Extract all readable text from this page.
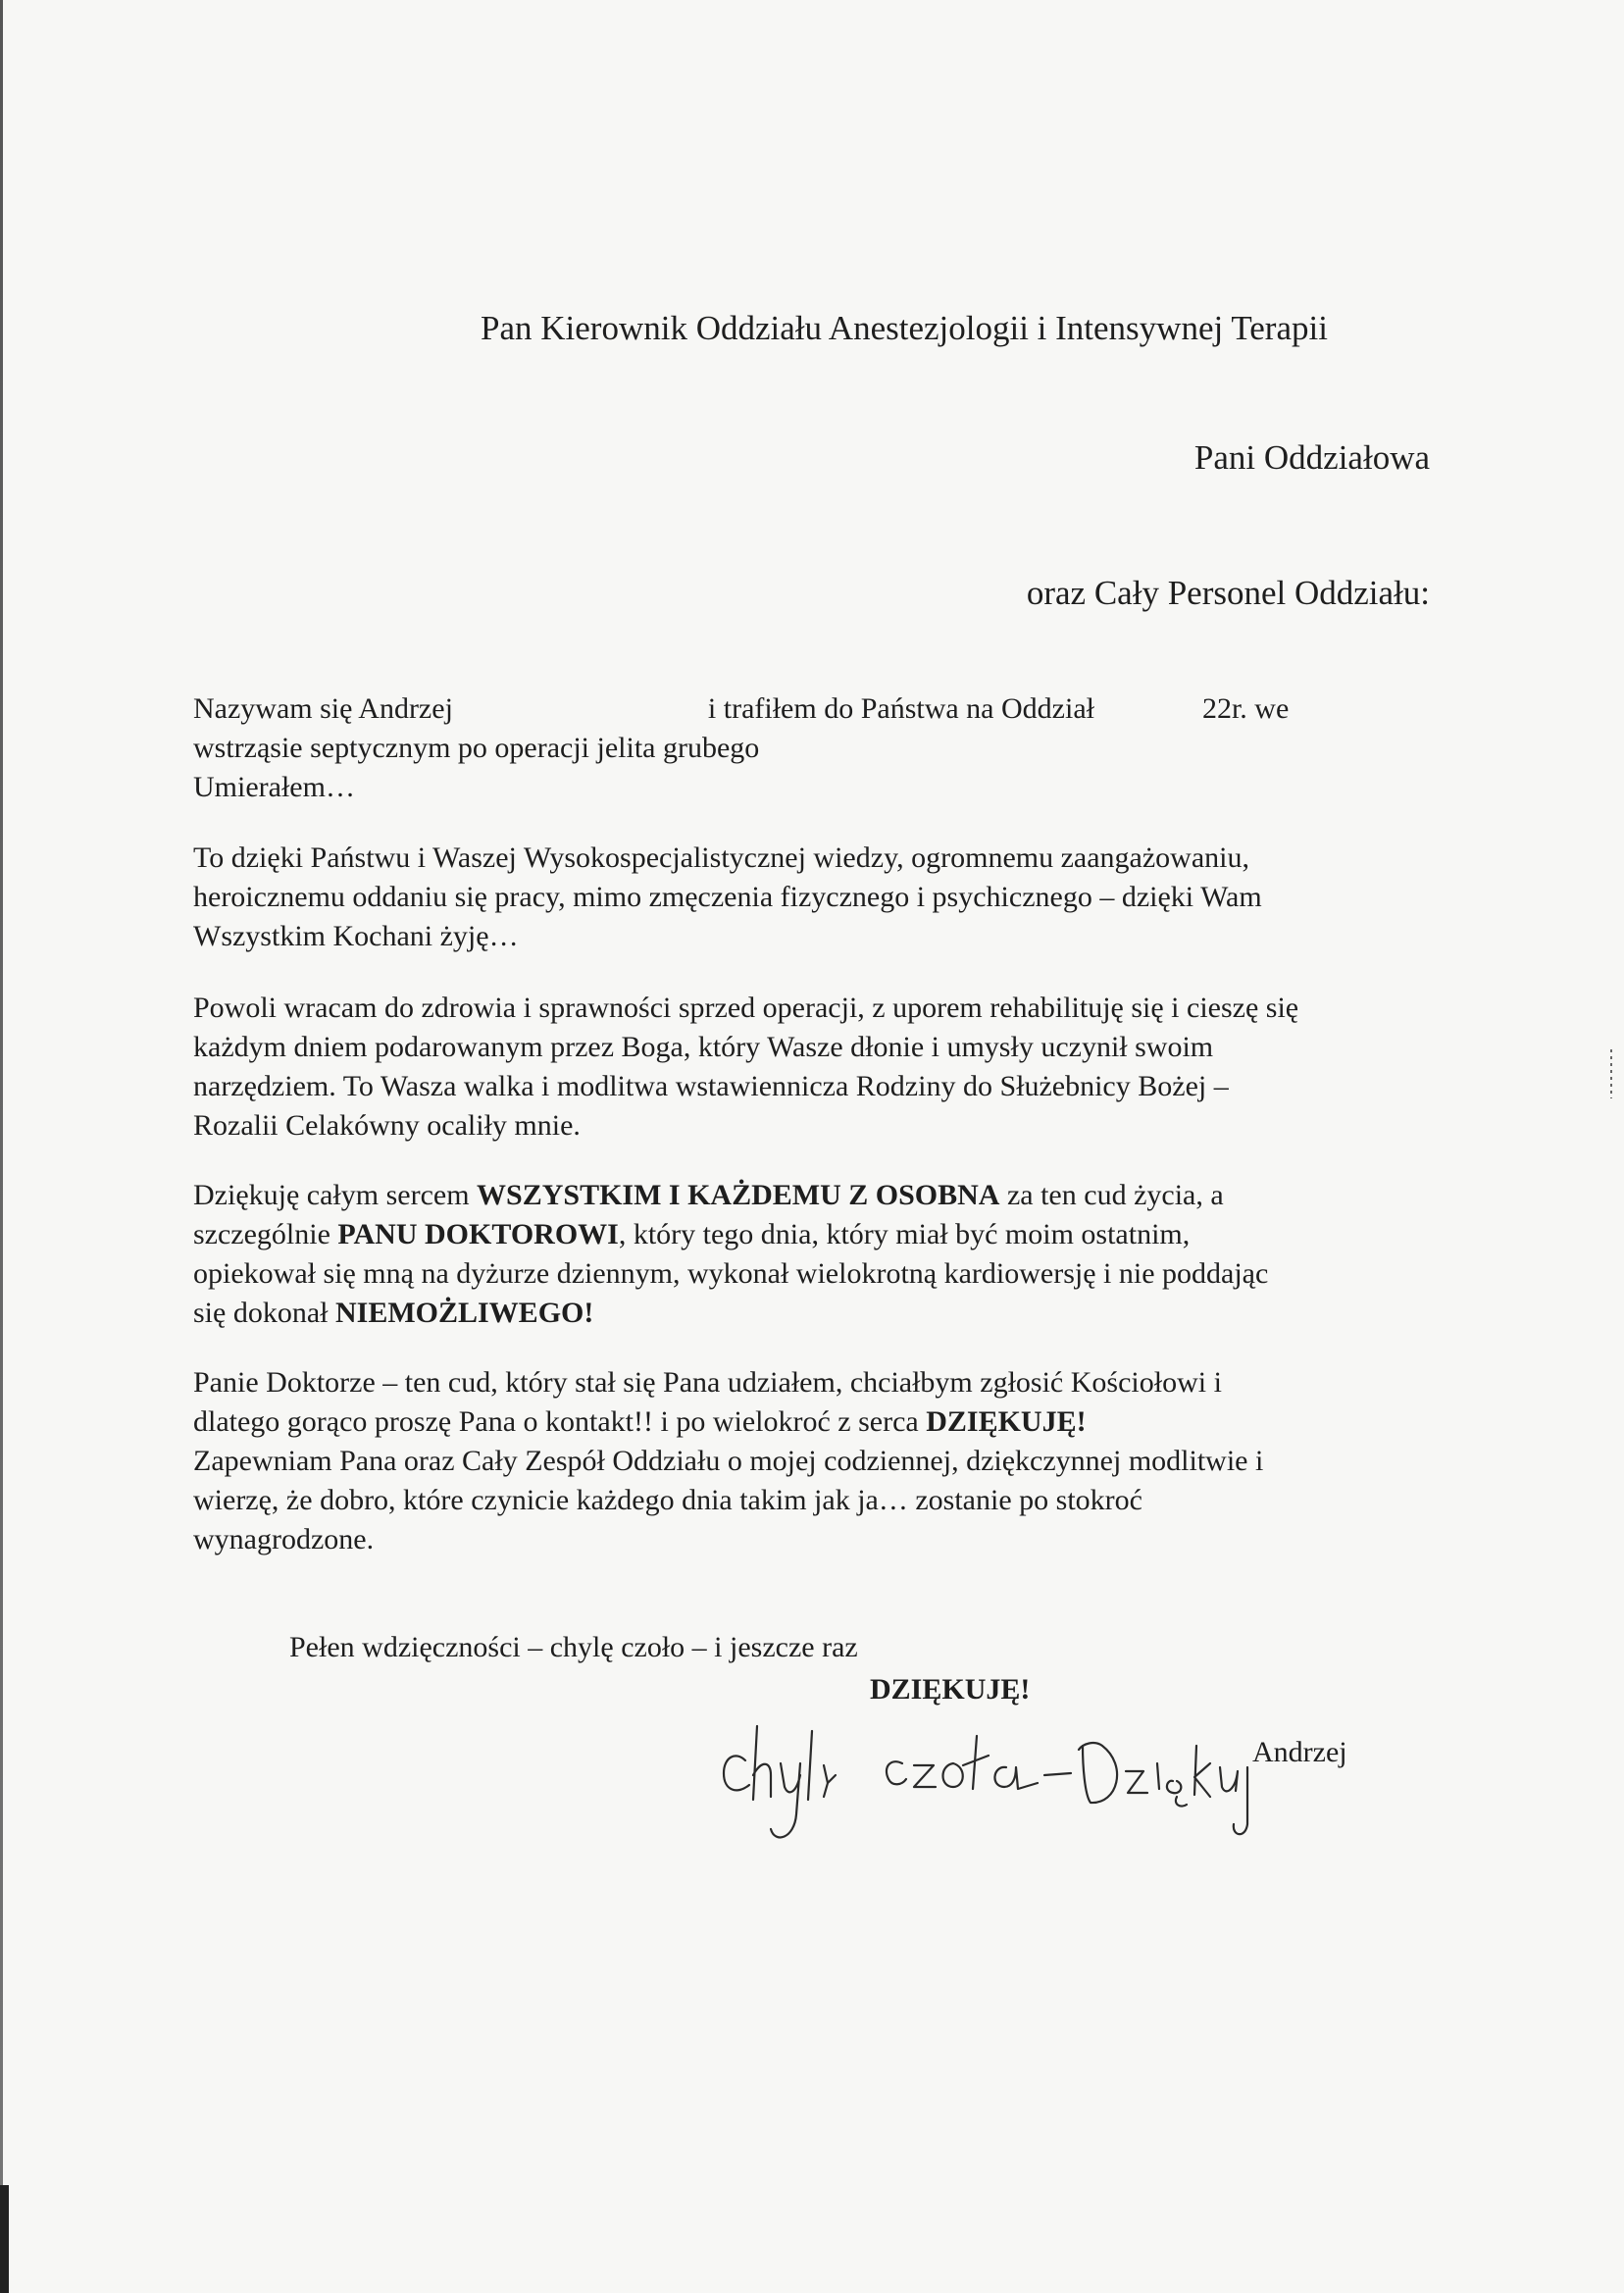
Pan Kierownik Oddziału Anestezjologii i Intensywnej Terapii

Pani Oddziałowa

oraz Cały Personel Oddziału:

Nazywam się Andrzej	i trafiłem do Państwa na Oddział	22r. we
wstrząsie septycznym po operacji jelita grubego
Umierałem…
To dzięki Państwu i Waszej Wysokospecjalistycznej wiedzy, ogromnemu zaangażowaniu,
heroicznemu oddaniu się pracy, mimo zmęczenia fizycznego i psychicznego – dzięki Wam
Wszystkim Kochani żyję…
Powoli wracam do zdrowia i sprawności sprzed operacji, z uporem rehabilituję się i cieszę się
każdym dniem podarowanym przez Boga, który Wasze dłonie i umysły uczynił swoim
narzędziem. To Wasza walka i modlitwa wstawiennicza Rodziny do Służebnicy Bożej –
Rozalii Celakówny ocaliły mnie.
Dziękuję całym sercem WSZYSTKIM I KAŻDEMU Z OSOBNA za ten cud życia, a
szczególnie PANU DOKTOROWI, który tego dnia, który miał być moim ostatnim,
opiekował się mną na dyżurze dziennym, wykonał wielokrotną kardiowersję i nie poddając
się dokonał NIEMOŻLIWEGO!
Panie Doktorze – ten cud, który stał się Pana udziałem, chciałbym zgłosić Kościołowi i
dlatego gorąco proszę Pana o kontakt!! i po wielokroć z serca DZIĘKUJĘ!
Zapewniam Pana oraz Cały Zespół Oddziału o mojej codziennej, dziękczynnej modlitwie i
wierzę, że dobro, które czynicie każdego dnia takim jak ja… zostanie po stokroć
wynagrodzone.

Pełen wdzięczności – chylę czoło – i jeszcze raz

DZIĘKUJĘ!

Andrzej
